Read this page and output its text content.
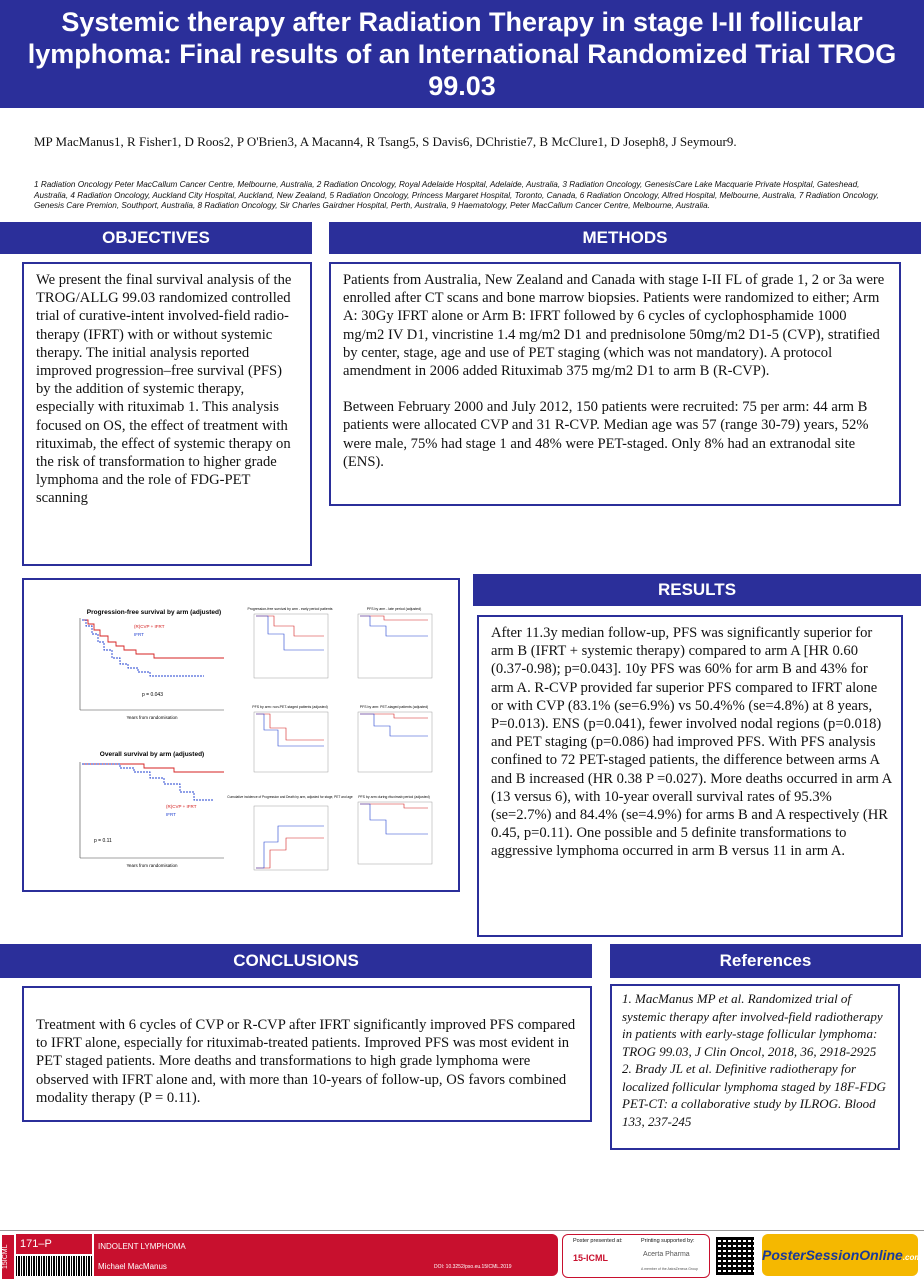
Systemic therapy after Radiation Therapy in stage I-II follicular lymphoma: Final results of an International Randomized Trial TROG 99.03
MP MacManus1, R Fisher1, D Roos2, P O'Brien3, A Macann4, R Tsang5, S Davis6, DChristie7, B McClure1, D Joseph8, J Seymour9.
1 Radiation Oncology Peter MacCallum Cancer Centre, Melbourne, Australia, 2 Radiation Oncology, Royal Adelaide Hospital, Adelaide, Australia, 3 Radiation Oncology, GenesisCare Lake Macquarie Private Hospital, Gateshead, Australia, 4 Radiation Oncology, Auckland City Hospital, Auckland, New Zealand, 5 Radiation Oncology, Princess Margaret Hospital, Toronto, Canada, 6 Radiation Oncology, Alfred Hospital, Melbourne, Australia, 7 Radiation Oncology, Genesis Care Premion, Southport, Australia, 8 Radiation Oncology, Sir Charles Gairdner Hospital, Perth, Australia, 9 Haematology, Peter MacCallum Cancer Centre, Melbourne, Australia.
OBJECTIVES
We present the final survival analysis of the TROG/ALLG 99.03 randomized controlled trial of curative-intent involved-field radio-therapy (IFRT) with or without systemic therapy. The initial analysis reported improved progression–free survival (PFS) by the addition of systemic therapy, especially with rituximab 1. This analysis focused on OS, the effect of treatment with rituximab, the effect of systemic therapy on the risk of transformation to higher grade lymphoma and the role of FDG-PET scanning
METHODS
Patients from Australia, New Zealand and Canada with stage I-II FL of grade 1, 2 or 3a were enrolled after CT scans and bone marrow biopsies. Patients were randomized to either; Arm A: 30Gy IFRT alone or Arm B: IFRT followed by 6 cycles of cyclophosphamide 1000 mg/m2 IV D1, vincristine 1.4 mg/m2 D1 and prednisolone 50mg/m2 D1-5 (CVP), stratified by center, stage, age and use of PET staging (which was not mandatory). A protocol amendment in 2006 added Rituximab 375 mg/m2 D1 to arm B (R-CVP).
Between February 2000 and July 2012, 150 patients were recruited: 75 per arm: 44 arm B patients were allocated CVP and 31 R-CVP. Median age was 57 (range 30-79) years, 52% were male, 75% had stage 1 and 48% were PET-staged. Only 8% had an extranodal site (ENS).
Progression-free survival by arm (adjusted)
p = 0.043
(R)CVP + IFRT
IFRT
Years from randomisation
Overall survival by arm (adjusted)
p = 0.11
(R)CVP + IFRT
IFRT
Years from randomisation
Progression-free survival by arm - early period patients	PFS by arm - late period (adjusted)
PFS by arm: non-PET-staged patients (adjusted)	PFS by arm: PET-staged patients (adjusted)
Cumulative incidence of Progression and Death by arm, adjusted for stage, PET and age PFS by arm during rituximab period (adjusted)
RESULTS
After 11.3y median follow-up, PFS was significantly superior for arm B (IFRT + systemic therapy) compared to arm A [HR 0.60 (0.37-0.98); p=0.043]. 10y PFS was 60% for arm B and 43% for arm A. R-CVP provided far superior PFS compared to IFRT alone or with CVP (83.1% (se=6.9%) vs 50.4%% (se=4.8%) at 8 years, P=0.013). ENS (p=0.041), fewer involved nodal regions (p=0.018) and PET staging (p=0.086) had improved PFS. With PFS analysis confined to 72 PET-staged patients, the difference between arms A and B increased (HR 0.38 P =0.027). More deaths occurred in arm A (13 versus 6), with 10-year overall survival rates of 95.3% (se=2.7%) and 84.4% (se=4.9%) for arms B and A respectively (HR 0.45, p=0.11). One possible and 5 definite transformations to aggressive lymphoma occurred in arm B versus 11 in arm A.
CONCLUSIONS
Treatment with 6 cycles of CVP or R-CVP after IFRT significantly improved PFS compared to IFRT alone, especially for rituximab-treated patients. Improved PFS was most evident in PET staged patients. More deaths and transformations to high grade lymphoma were observed with IFRT alone and, with more than 10-years of follow-up, OS favors combined modality therapy (P = 0.11).
References
1. MacManus MP et al. Randomized trial of systemic therapy after involved-field radiotherapy in patients with early-stage follicular lymphoma: TROG 99.03, J Clin Oncol, 2018, 36, 2918-2925
2. Brady JL et al. Definitive radiotherapy for localized follicular lymphoma staged by 18F-FDG PET-CT: a collaborative study by ILROG. Blood 133, 237-245
15ICML
171–P	INDOLENT LYMPHOMA
Michael MacManus	DOI: 10.3252/pso.eu.15ICML.2019
Poster presented at:	Printing supported by:
15-ICML	Acerta Pharma
A member of the AstraZeneca Group
PosterSessionOnline.com
